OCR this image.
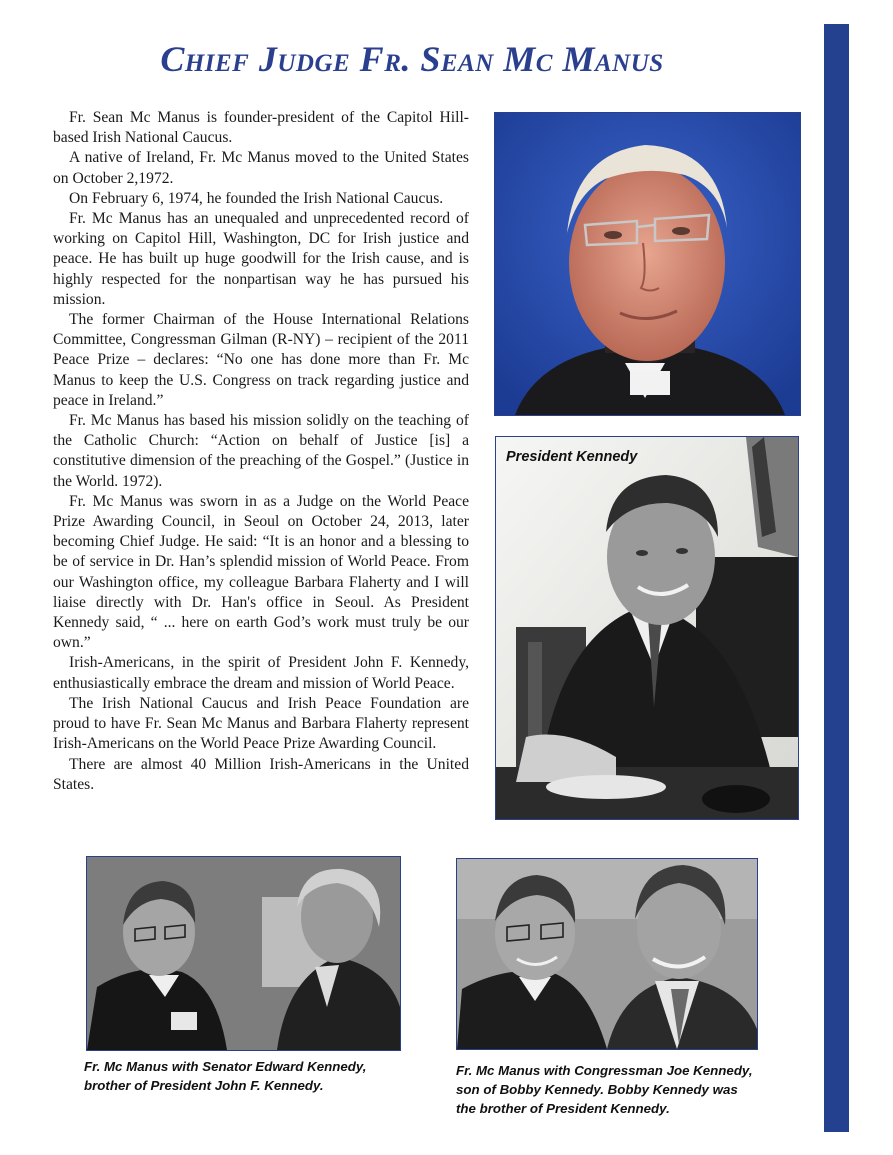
Chief Judge Fr. Sean Mc Manus

Fr. Sean Mc Manus is founder-president of the Capitol Hill-based Irish National Caucus.

A native of Ireland, Fr. Mc Manus moved to the United States on October 2,1972.

On February 6, 1974, he founded the Irish National Caucus.

Fr. Mc Manus has an unequaled and unprecedented record of working on Capitol Hill, Washington, DC for Irish justice and peace. He has built up huge goodwill for the Irish cause, and is highly respected for the nonpartisan way he has pursued his mission.

The former Chairman of the House International Relations Committee, Congressman Gilman (R-NY) – recipient of the 2011 Peace Prize – declares: “No one has done more than Fr. Mc Manus to keep the U.S. Congress on track regarding justice and peace in Ireland.”

Fr. Mc Manus has based his mission solidly on the teaching of the Catholic Church: “Action on behalf of Justice [is] a constitutive dimension of the preaching of the Gospel.” (Justice in the World. 1972).

Fr. Mc Manus was sworn in as a Judge on the World Peace Prize Awarding Council, in Seoul on October 24, 2013, later becoming Chief Judge. He said: “It is an honor and a blessing to be of service in Dr. Han’s splendid mission of World Peace. From our Washington office, my colleague Barbara Flaherty and I will liaise directly with Dr. Han's office in Seoul. As President Kennedy said, “ ... here on earth God’s work must truly be our own.”

Irish-Americans, in the spirit of President John F. Kennedy, enthusiastically embrace the dream and mission of World Peace.

The Irish National Caucus and Irish Peace Foundation are proud to have Fr. Sean Mc Manus and Barbara Flaherty represent Irish-Americans on the World Peace Prize Awarding Council.

There are almost 40 Million Irish-Americans in the United States.

President Kennedy
Fr. Mc Manus with Senator Edward Kennedy,
brother of President John F. Kennedy.
Fr. Mc Manus with Congressman Joe Kennedy,
son of Bobby Kennedy. Bobby Kennedy was
the brother of President Kennedy.
